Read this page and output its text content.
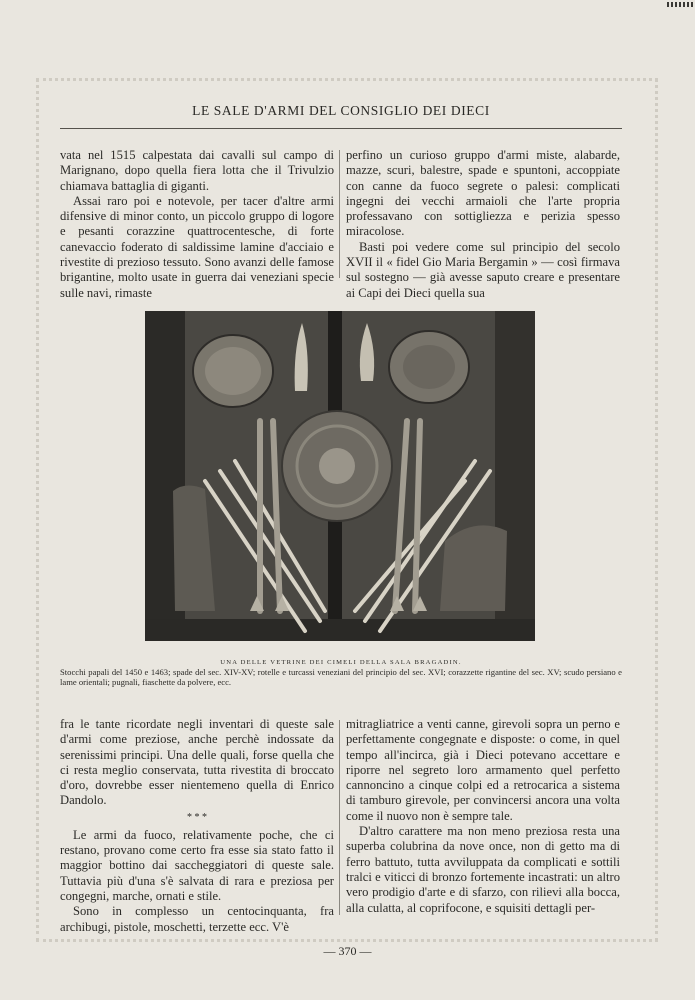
LE SALE D'ARMI DEL CONSIGLIO DEI DIECI

vata nel 1515 calpestata dai cavalli sul campo di Marignano, dopo quella fiera lotta che il Trivulzio chiamava battaglia di giganti.

Assai raro poi e notevole, per tacer d'altre armi difensive di minor conto, un piccolo gruppo di logore e pesanti corazzine quattrocentesche, di forte canevaccio foderato di saldissime lamine d'acciaio e rivestite di prezioso tessuto. Sono avanzi delle famose brigantine, molto usate in guerra dai veneziani specie sulle navi, rimaste

perfino un curioso gruppo d'armi miste, alabarde, mazze, scuri, balestre, spade e spuntoni, accoppiate con canne da fuoco segrete o palesi: complicati ingegni dei vecchi armaioli che l'arte propria professavano con sottigliezza e perizia spesso miracolose.

Basti poi vedere come sul principio del secolo XVII il « fidel Gio Maria Bergamin » — così firmava sul sostegno — già avesse saputo creare e presentare ai Capi dei Dieci quella sua

UNA DELLE VETRINE DEI CIMELI DELLA SALA BRAGADIN.
Stocchi papali del 1450 e 1463; spade del sec. XIV-XV; rotelle e turcassi veneziani del principio del sec. XVI; corazzette rigantine del sec. XV; scudo persiano e lame orientali; pugnali, fiaschette da polvere, ecc.

fra le tante ricordate negli inventari di queste sale d'armi come preziose, anche perchè indossate da serenissimi principi. Una delle quali, forse quella che ci resta meglio conservata, tutta rivestita di broccato d'oro, dovrebbe esser nientemeno quella di Enrico Dandolo.

* * *

Le armi da fuoco, relativamente poche, che ci restano, provano come certo fra esse sia stato fatto il maggior bottino dai saccheggiatori di queste sale. Tuttavia più d'una s'è salvata di rara e preziosa per congegni, marche, ornati e stile.

Sono in complesso un centocinquanta, fra archibugi, pistole, moschetti, terzette ecc. V'è

mitragliatrice a venti canne, girevoli sopra un perno e perfettamente congegnate e disposte: o come, in quel tempo all'incirca, già i Dieci potevano accettare e riporre nel segreto loro armamento quel perfetto cannoncino a cinque colpi ed a retrocarica a sistema di tamburo girevole, per convincersi ancora una volta come il nuovo non è sempre tale.

D'altro carattere ma non meno preziosa resta una superba colubrina da nove once, non di getto ma di ferro battuto, tutta avviluppata da complicati e sottili tralci e viticci di bronzo fortemente incastrati: un altro vero prodigio d'arte e di sfarzo, con rilievi alla bocca, alla culatta, al coprifocone, e squisiti dettagli per-

— 370 —
